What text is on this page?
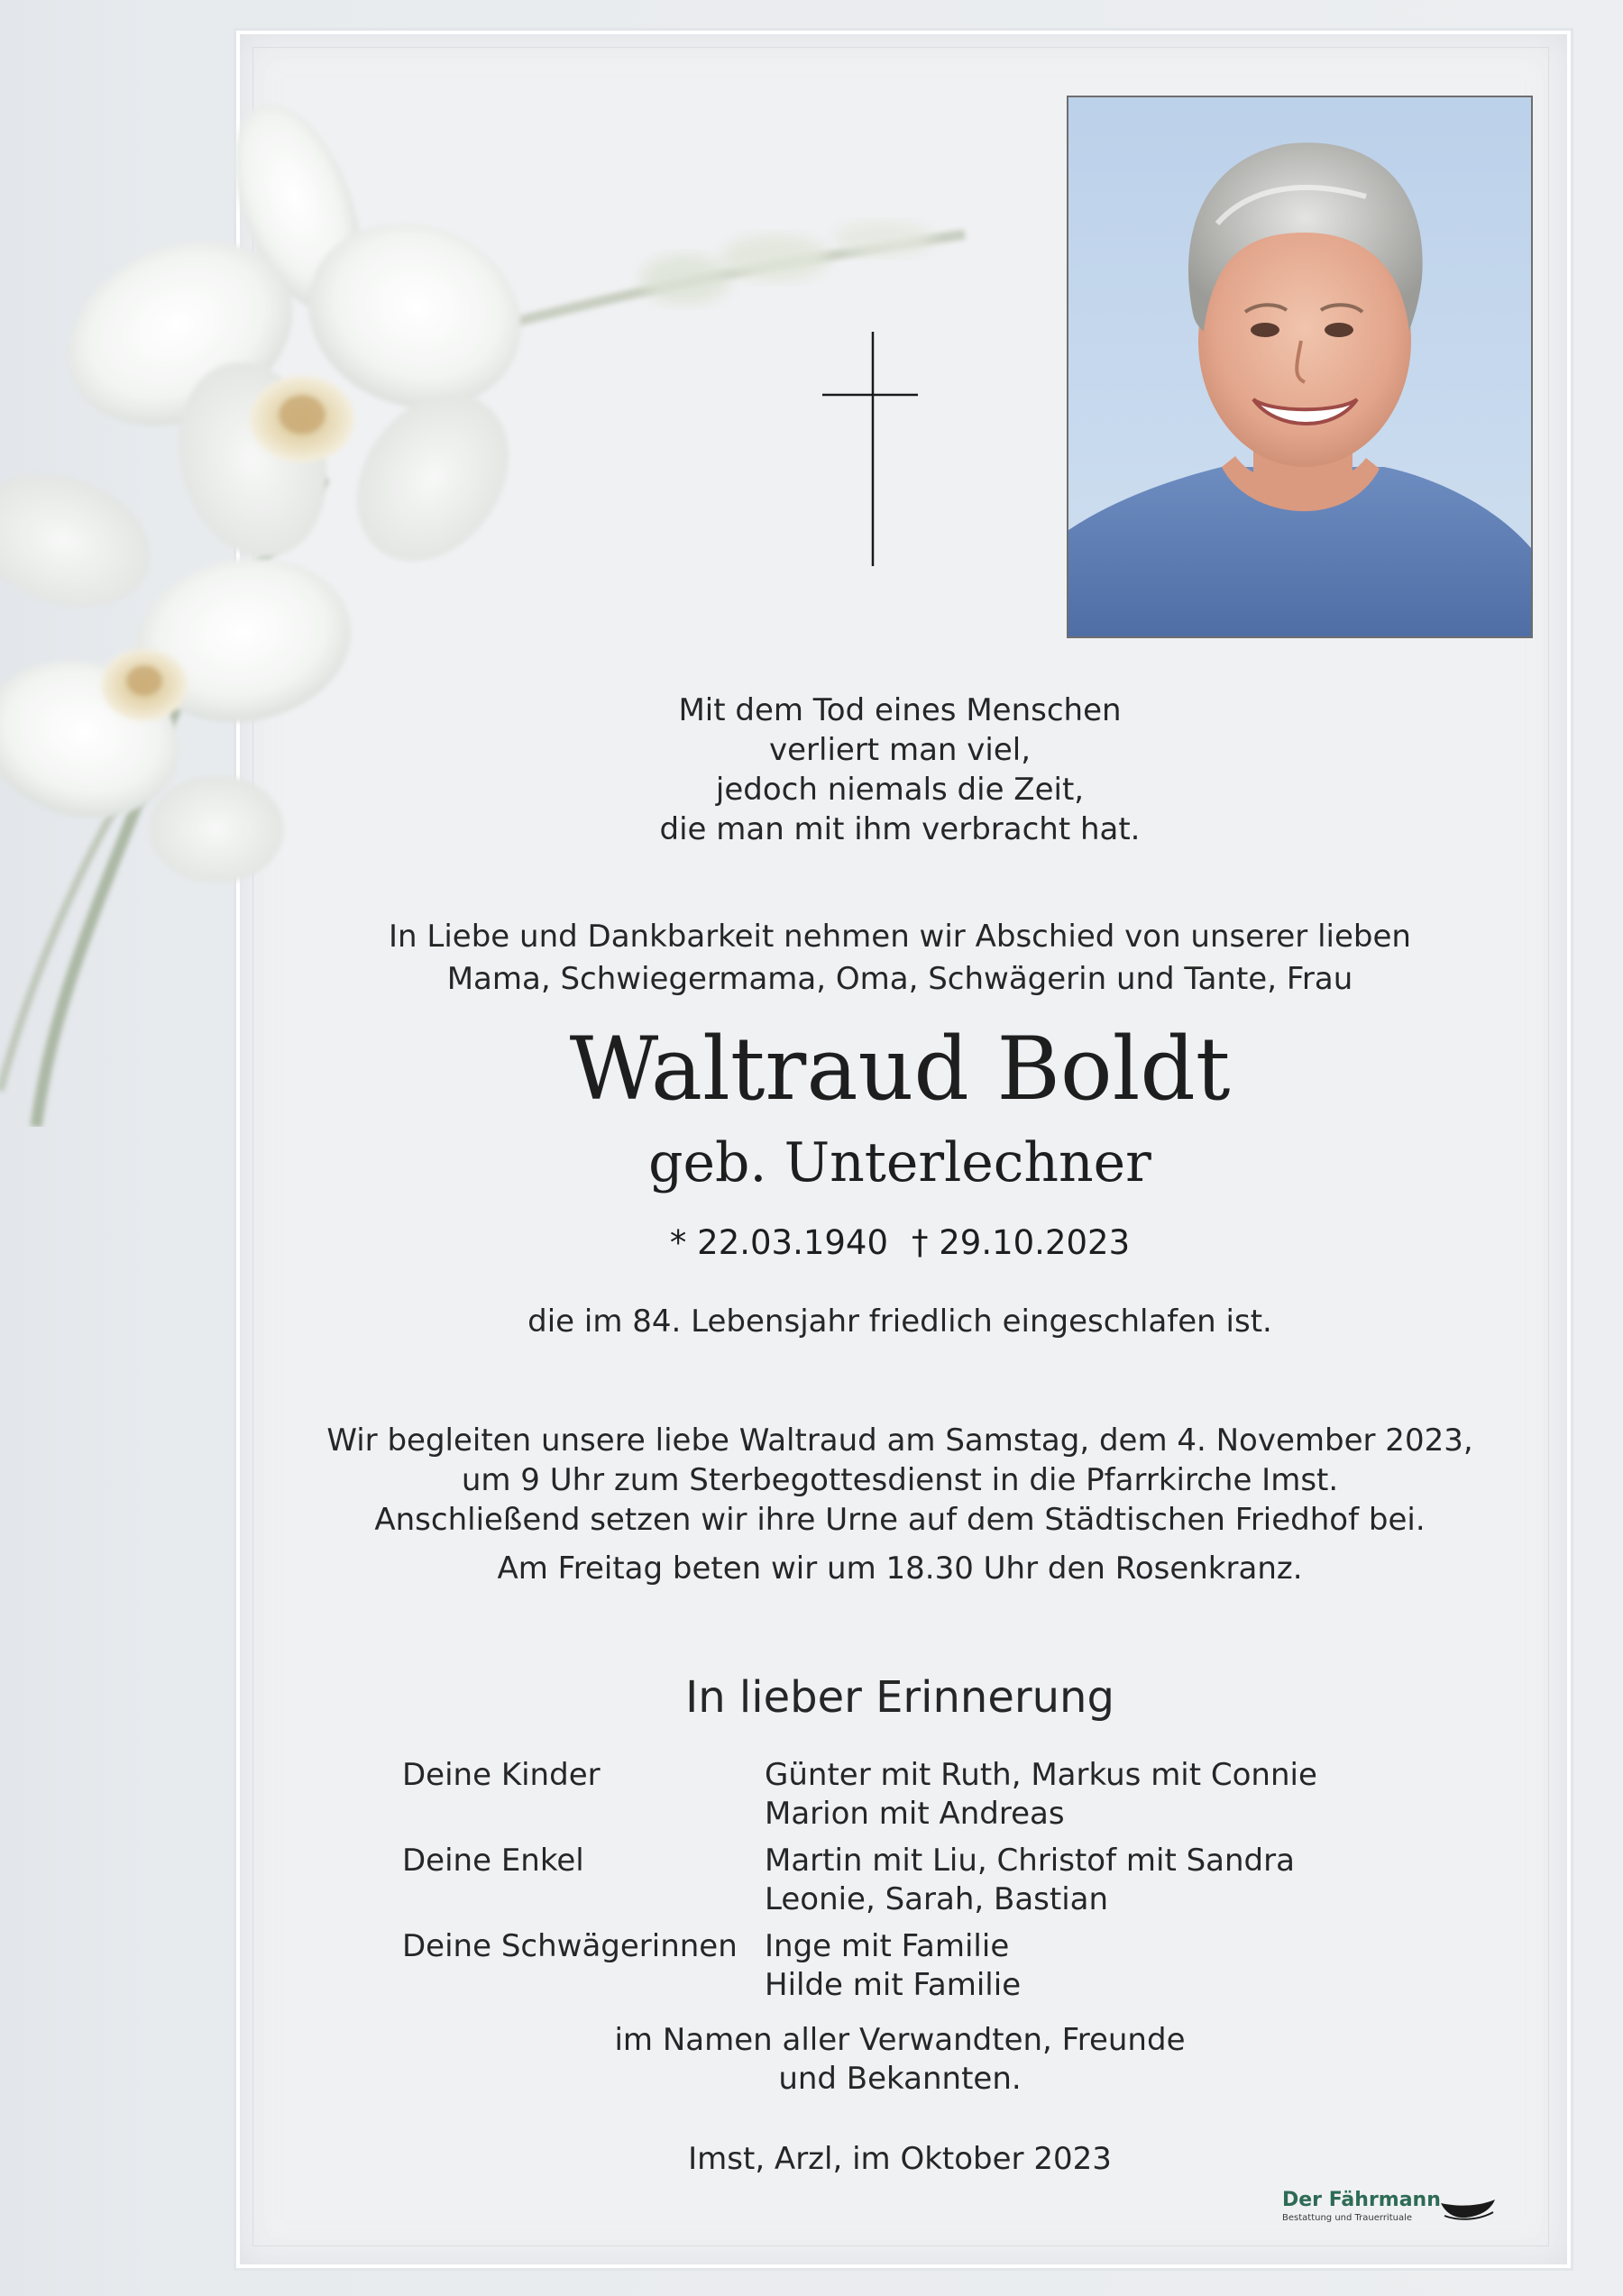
Mit dem Tod eines Menschen
verliert man viel,
jedoch niemals die Zeit,
die man mit ihm verbracht hat.
In Liebe und Dankbarkeit nehmen wir Abschied von unserer lieben
Mama, Schwiegermama, Oma, Schwägerin und Tante, Frau
Waltraud Boldt
geb. Unterlechner
* 22.03.1940 † 29.10.2023
die im 84. Lebensjahr friedlich eingeschlafen ist.
Wir begleiten unsere liebe Waltraud am Samstag, dem 4. November 2023,
um 9 Uhr zum Sterbegottesdienst in die Pfarrkirche Imst.
Anschließend setzen wir ihre Urne auf dem Städtischen Friedhof bei.
Am Freitag beten wir um 18.30 Uhr den Rosenkranz.
In lieber Erinnerung
Deine Kinder	Günter mit Ruth, Markus mit Connie
Marion mit Andreas
Deine Enkel	Martin mit Liu, Christof mit Sandra
Leonie, Sarah, Bastian
Deine Schwägerinnen Inge mit Familie
Hilde mit Familie
im Namen aller Verwandten, Freunde
und Bekannten.
Imst, Arzl, im Oktober 2023
Der Fährmann
Bestattung und Trauerrituale
